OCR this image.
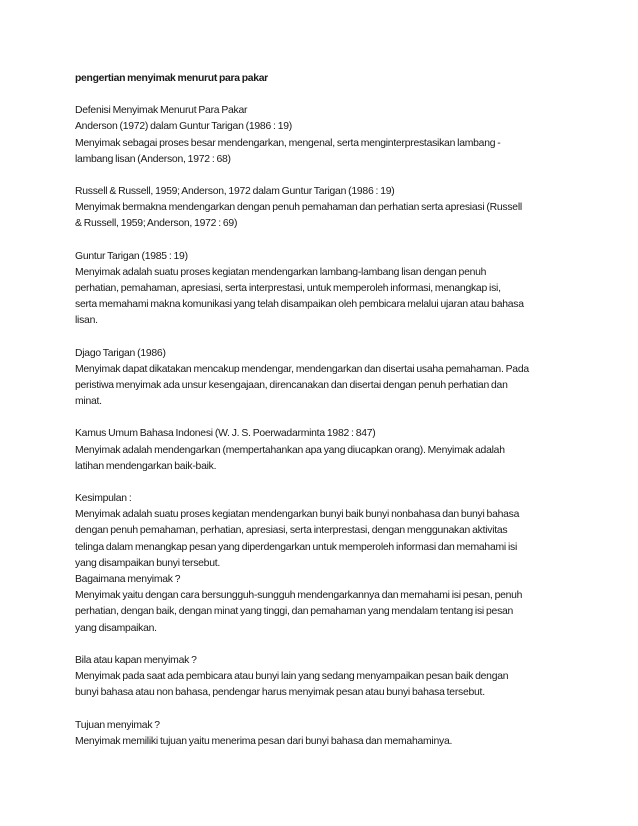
pengertian menyimak menurut para pakar
Defenisi Menyimak Menurut Para Pakar
Anderson (1972) dalam Guntur Tarigan (1986 : 19)
Menyimak sebagai proses besar mendengarkan, mengenal, serta menginterprestasikan lambang -
lambang lisan (Anderson, 1972 : 68)
Russell & Russell, 1959; Anderson, 1972 dalam Guntur Tarigan (1986 : 19)
Menyimak bermakna mendengarkan dengan penuh pemahaman dan perhatian serta apresiasi (Russell
& Russell, 1959; Anderson, 1972 : 69)
Guntur Tarigan (1985 : 19)
Menyimak adalah suatu proses kegiatan mendengarkan lambang-lambang lisan dengan penuh
perhatian, pemahaman, apresiasi, serta interprestasi, untuk memperoleh informasi, menangkap isi,
serta memahami makna komunikasi yang telah disampaikan oleh pembicara melalui ujaran atau bahasa
lisan.
Djago Tarigan (1986)
Menyimak dapat dikatakan mencakup mendengar, mendengarkan dan disertai usaha pemahaman. Pada
peristiwa menyimak ada unsur kesengajaan, direncanakan dan disertai dengan penuh perhatian dan
minat.
Kamus Umum Bahasa Indonesi (W. J. S. Poerwadarminta 1982 : 847)
Menyimak adalah mendengarkan (mempertahankan apa yang diucapkan orang). Menyimak adalah
latihan mendengarkan baik-baik.
Kesimpulan :
Menyimak adalah suatu proses kegiatan mendengarkan bunyi baik bunyi nonbahasa dan bunyi bahasa
dengan penuh pemahaman, perhatian, apresiasi, serta interprestasi, dengan menggunakan aktivitas
telinga dalam menangkap pesan yang diperdengarkan untuk memperoleh informasi dan memahami isi
yang disampaikan bunyi tersebut.
Bagaimana menyimak ?
Menyimak yaitu dengan cara bersungguh-sungguh mendengarkannya dan memahami isi pesan, penuh
perhatian, dengan baik, dengan minat yang tinggi, dan pemahaman yang mendalam tentang isi pesan
yang disampaikan.
Bila atau kapan menyimak ?
Menyimak pada saat ada pembicara atau bunyi lain yang sedang menyampaikan pesan baik dengan
bunyi bahasa atau non bahasa, pendengar harus menyimak pesan atau bunyi bahasa tersebut.
Tujuan menyimak ?
Menyimak memiliki tujuan yaitu menerima pesan dari bunyi bahasa dan memahaminya.
